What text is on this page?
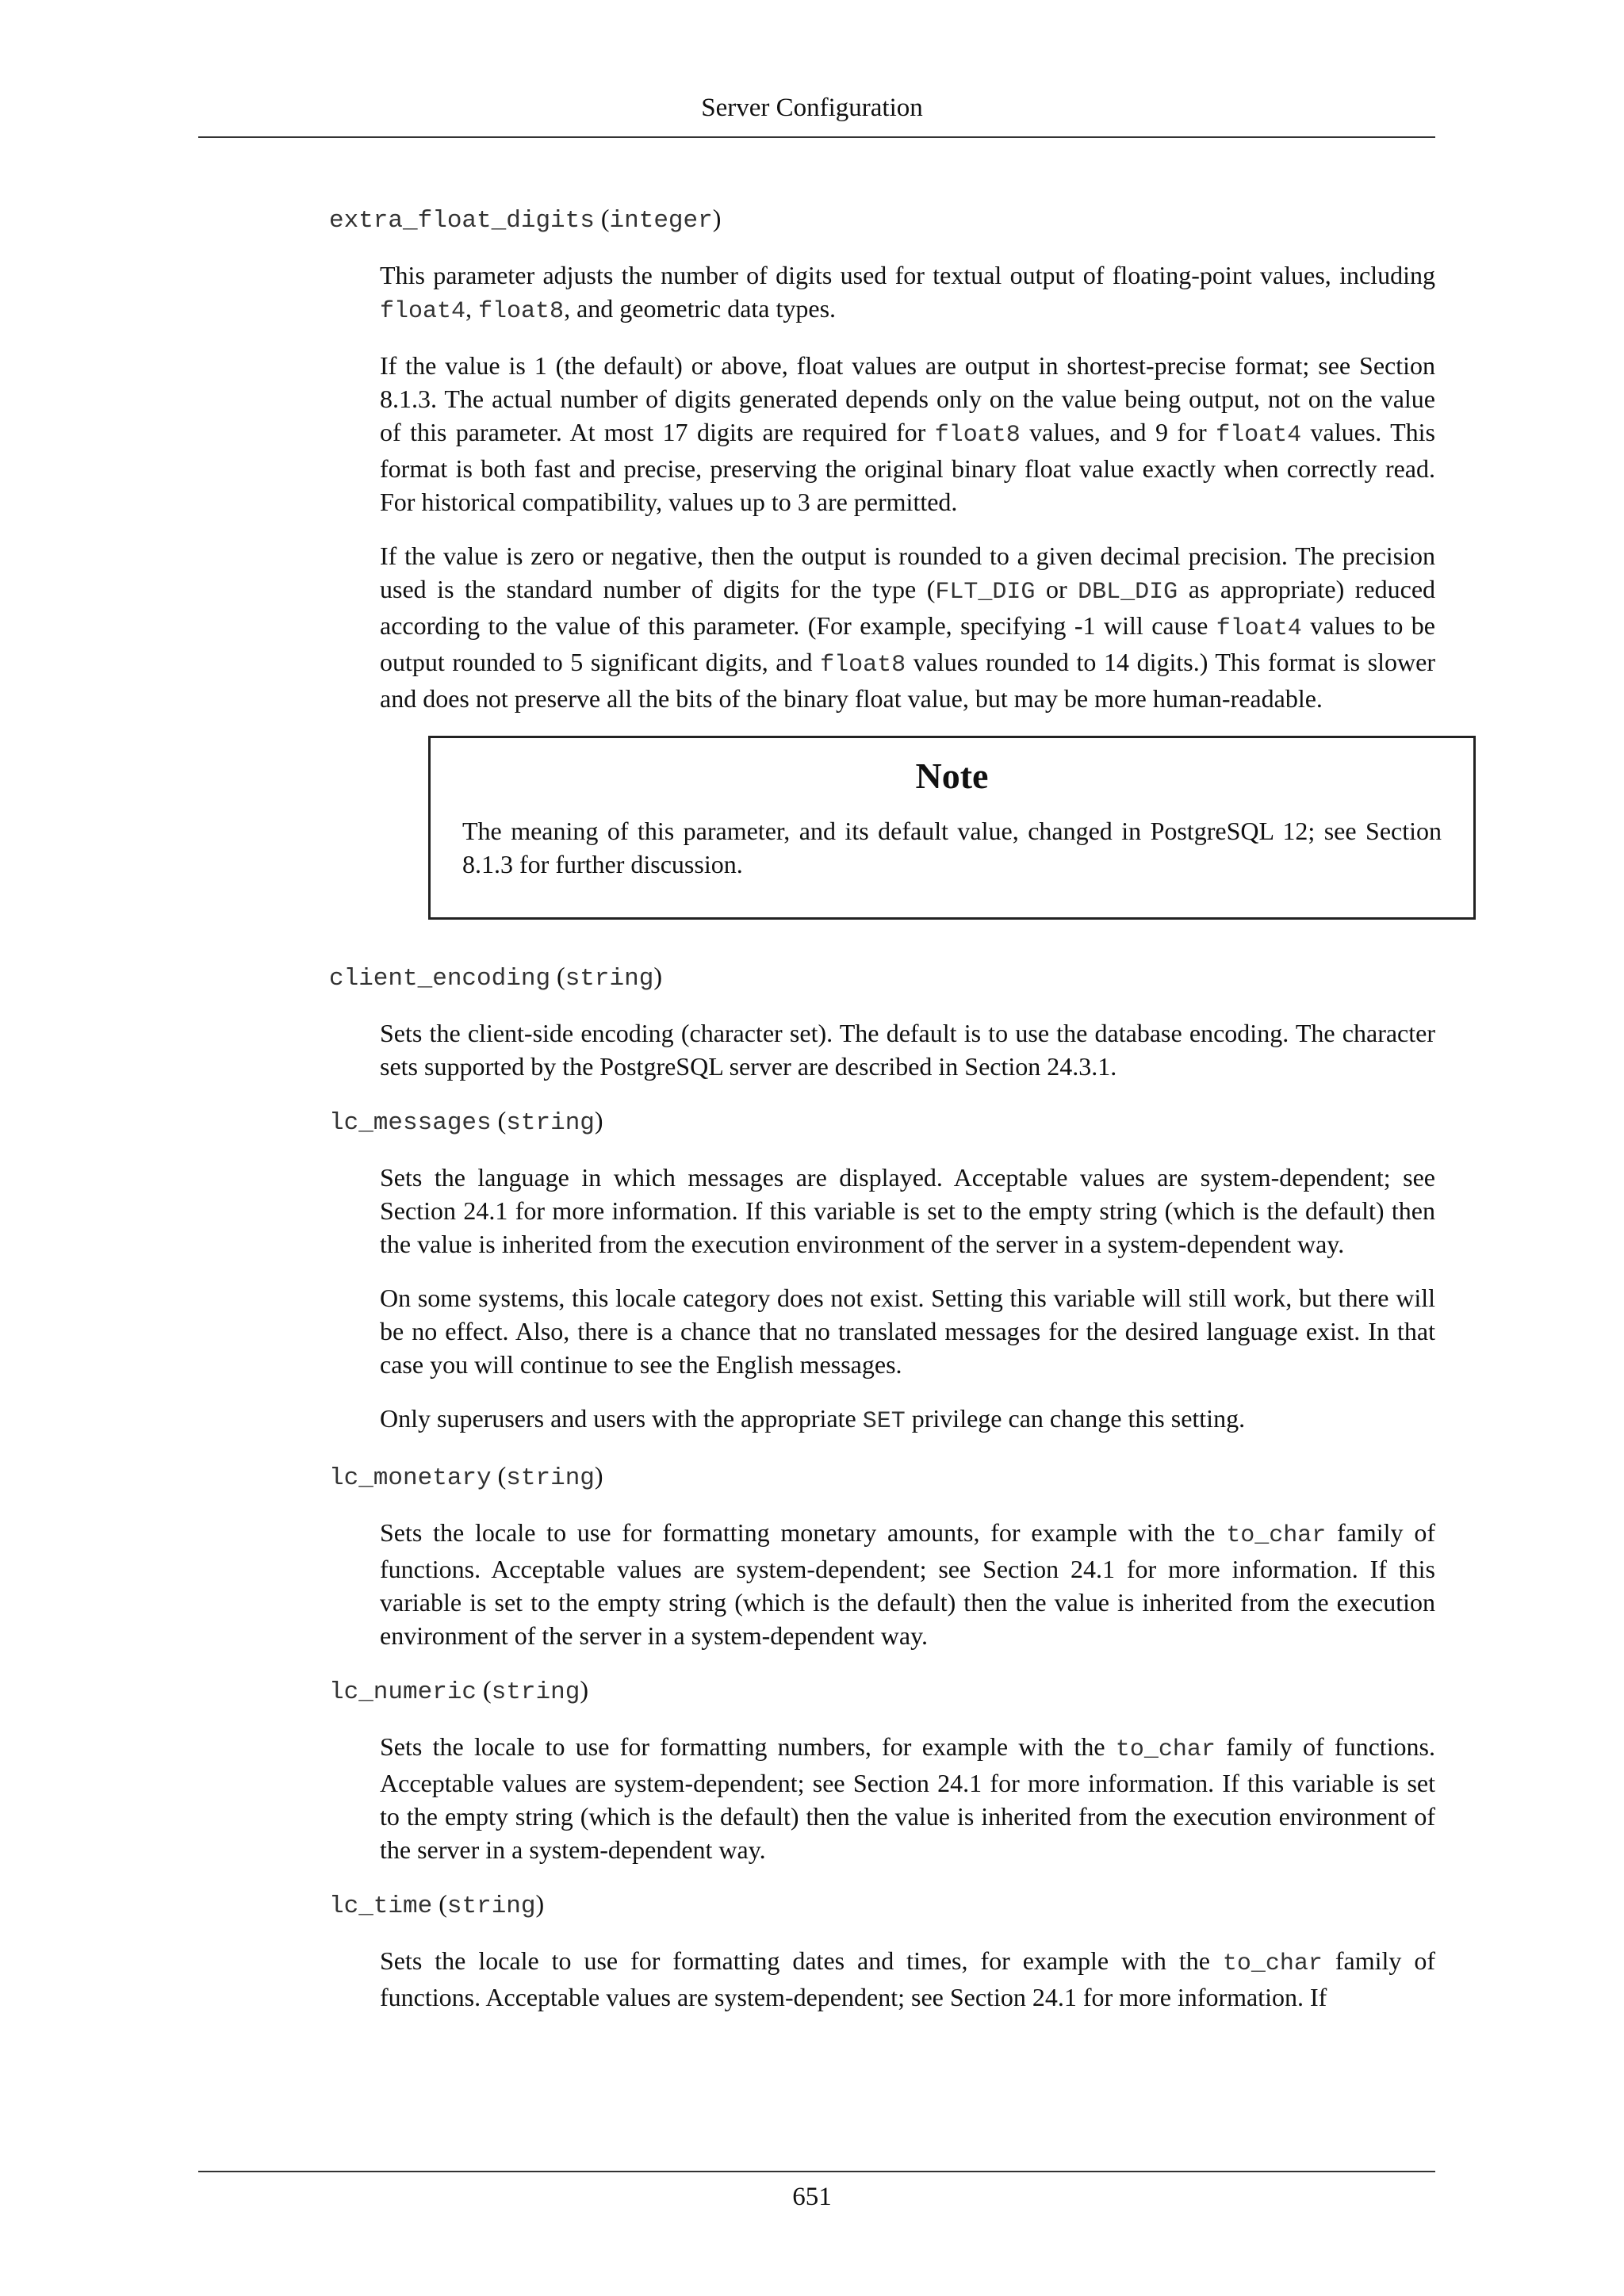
Server Configuration
extra_float_digits (integer)

This parameter adjusts the number of digits used for textual output of floating-point values, including float4, float8, and geometric data types.

If the value is 1 (the default) or above, float values are output in shortest-precise format; see Section 8.1.3. The actual number of digits generated depends only on the value being output, not on the value of this parameter. At most 17 digits are required for float8 values, and 9 for float4 values. This format is both fast and precise, preserving the original binary float value exactly when correctly read. For historical compatibility, values up to 3 are permitted.

If the value is zero or negative, then the output is rounded to a given decimal precision. The precision used is the standard number of digits for the type (FLT_DIG or DBL_DIG as appropriate) reduced according to the value of this parameter. (For example, specifying -1 will cause float4 values to be output rounded to 5 significant digits, and float8 values rounded to 14 digits.) This format is slower and does not preserve all the bits of the binary float value, but may be more human-readable.

Note

The meaning of this parameter, and its default value, changed in PostgreSQL 12; see Section 8.1.3 for further discussion.

client_encoding (string)

Sets the client-side encoding (character set). The default is to use the database encoding. The character sets supported by the PostgreSQL server are described in Section 24.3.1.

lc_messages (string)

Sets the language in which messages are displayed. Acceptable values are system-dependent; see Section 24.1 for more information. If this variable is set to the empty string (which is the default) then the value is inherited from the execution environment of the server in a system-dependent way.

On some systems, this locale category does not exist. Setting this variable will still work, but there will be no effect. Also, there is a chance that no translated messages for the desired language exist. In that case you will continue to see the English messages.

Only superusers and users with the appropriate SET privilege can change this setting.

lc_monetary (string)

Sets the locale to use for formatting monetary amounts, for example with the to_char family of functions. Acceptable values are system-dependent; see Section 24.1 for more information. If this variable is set to the empty string (which is the default) then the value is inherited from the execution environment of the server in a system-dependent way.

lc_numeric (string)

Sets the locale to use for formatting numbers, for example with the to_char family of functions. Acceptable values are system-dependent; see Section 24.1 for more information. If this variable is set to the empty string (which is the default) then the value is inherited from the execution environment of the server in a system-dependent way.

lc_time (string)

Sets the locale to use for formatting dates and times, for example with the to_char family of functions. Acceptable values are system-dependent; see Section 24.1 for more information. If

651
